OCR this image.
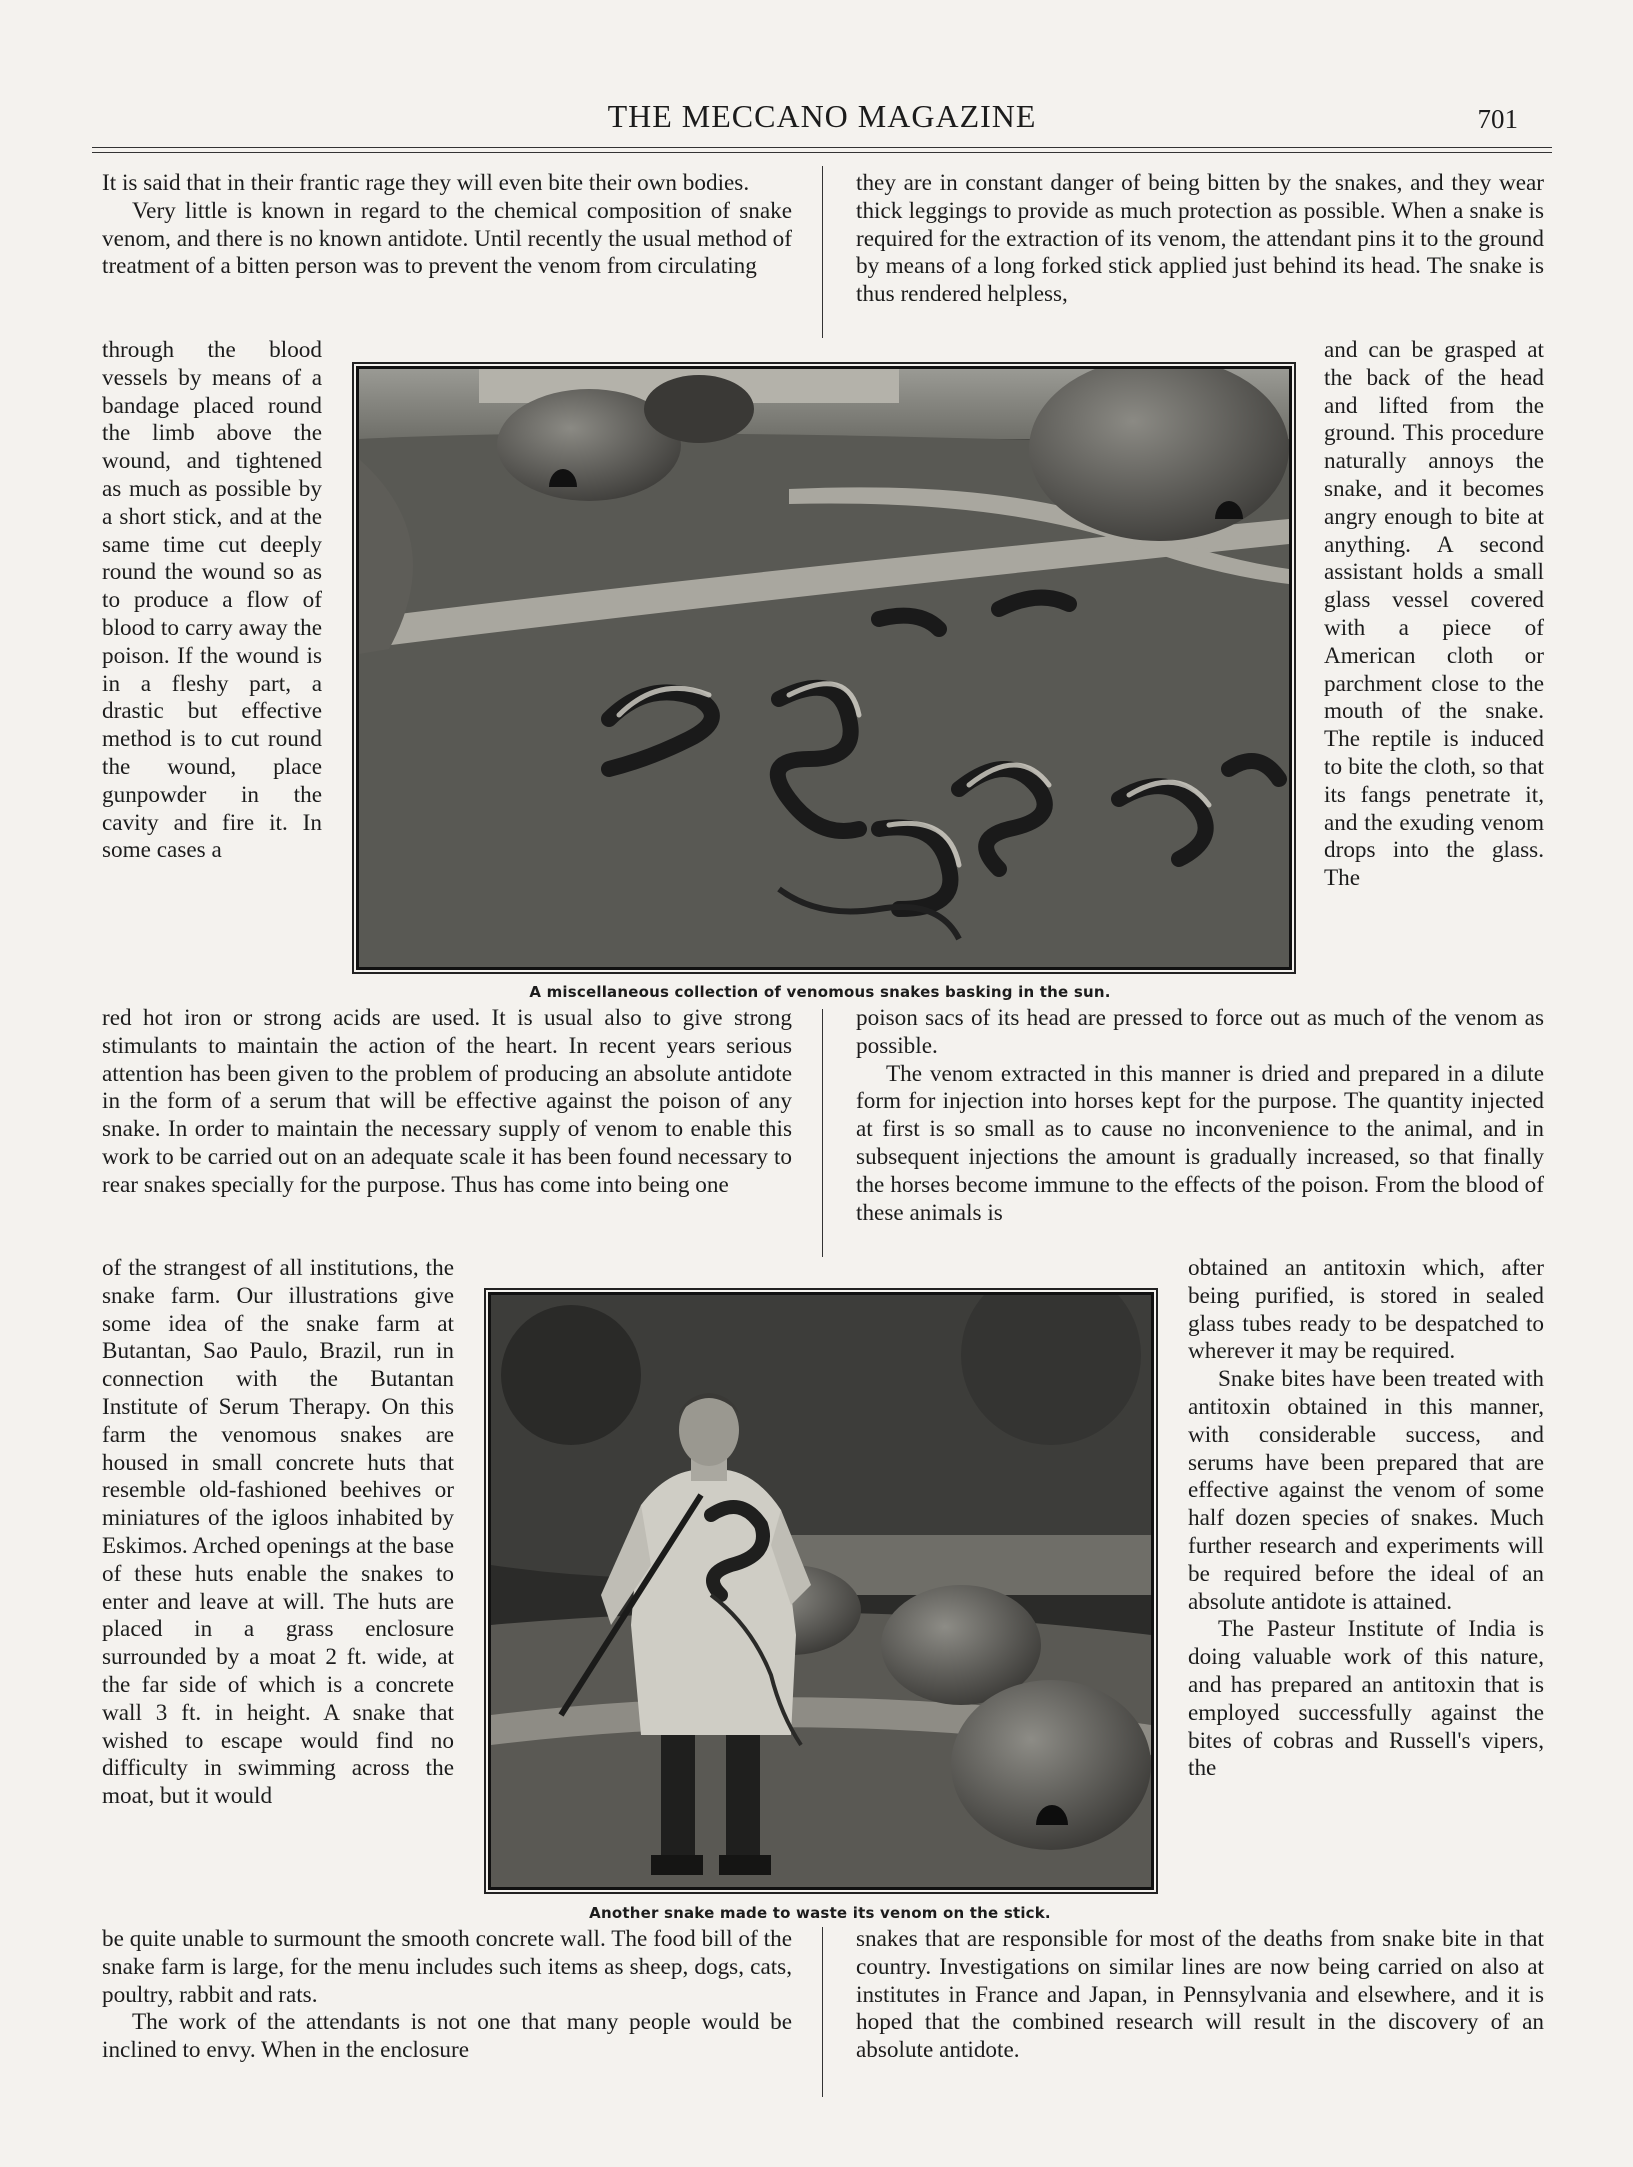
THE MECCANO MAGAZINE	701

It is said that in their frantic rage they will even bite their own bodies.

Very little is known in regard to the chemical composition of snake venom, and there is no known antidote. Until recently the usual method of treatment of a bitten person was to prevent the venom from circulating

through the blood vessels by means of a bandage placed round the limb above the wound, and tightened as much as possible by a short stick, and at the same time cut deeply round the wound so as to produce a flow of blood to carry away the poison. If the wound is in a fleshy part, a drastic but effective method is to cut round the wound, place gunpowder in the cavity and fire it. In some cases a

red hot iron or strong acids are used. It is usual also to give strong stimulants to maintain the action of the heart. In recent years serious attention has been given to the problem of producing an absolute antidote in the form of a serum that will be effective against the poison of any snake. In order to maintain the necessary supply of venom to enable this work to be carried out on an adequate scale it has been found necessary to rear snakes specially for the purpose. Thus has come into being one

of the strangest of all institutions, the snake farm. Our illustrations give some idea of the snake farm at Butantan, Sao Paulo, Brazil, run in connection with the Butantan Institute of Serum Therapy. On this farm the venomous snakes are housed in small concrete huts that resemble old-fashioned beehives or miniatures of the igloos inhabited by Eskimos. Arched openings at the base of these huts enable the snakes to enter and leave at will. The huts are placed in a grass enclosure surrounded by a moat 2 ft. wide, at the far side of which is a concrete wall 3 ft. in height. A snake that wished to escape would find no difficulty in swimming across the moat, but it would

be quite unable to surmount the smooth concrete wall. The food bill of the snake farm is large, for the menu includes such items as sheep, dogs, cats, poultry, rabbit and rats.

The work of the attendants is not one that many people would be inclined to envy. When in the enclosure

they are in constant danger of being bitten by the snakes, and they wear thick leggings to provide as much protection as possible. When a snake is required for the extraction of its venom, the attendant pins it to the ground by means of a long forked stick applied just behind its head. The snake is thus rendered helpless,

and can be grasped at the back of the head and lifted from the ground. This procedure naturally annoys the snake, and it becomes angry enough to bite at anything. A second assistant holds a small glass vessel covered with a piece of American cloth or parchment close to the mouth of the snake. The reptile is induced to bite the cloth, so that its fangs penetrate it, and the exuding venom drops into the glass. The

poison sacs of its head are pressed to force out as much of the venom as possible.

The venom extracted in this manner is dried and prepared in a dilute form for injection into horses kept for the purpose. The quantity injected at first is so small as to cause no inconvenience to the animal, and in subsequent injections the amount is gradually increased, so that finally the horses become immune to the effects of the poison. From the blood of these animals is

obtained an antitoxin which, after being purified, is stored in sealed glass tubes ready to be despatched to wherever it may be required.

Snake bites have been treated with antitoxin obtained in this manner, with considerable success, and serums have been prepared that are effective against the venom of some half dozen species of snakes. Much further research and experiments will be required before the ideal of an absolute antidote is attained.

The Pasteur Institute of India is doing valuable work of this nature, and has prepared an antitoxin that is employed successfully against the bites of cobras and Russell's vipers, the

snakes that are responsible for most of the deaths from snake bite in that country. Investigations on similar lines are now being carried on also at institutes in France and Japan, in Pennsylvania and elsewhere, and it is hoped that the combined research will result in the discovery of an absolute antidote.

A miscellaneous collection of venomous snakes basking in the sun.
Another snake made to waste its venom on the stick.
